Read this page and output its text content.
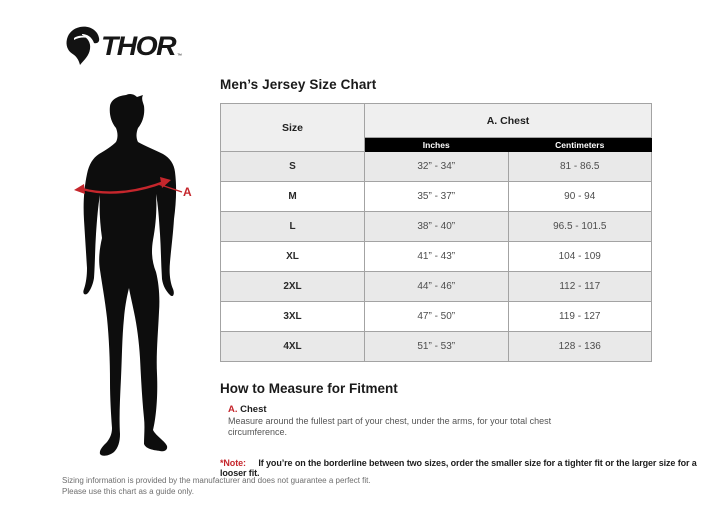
THOR ™
A
Men’s Jersey Size Chart
Size	A. Chest	
	Inches	Centimeters
S	32” - 34”	81 - 86.5
M	35” - 37”	90 - 94
L	38” - 40”	96.5 - 101.5
XL	41” - 43”	104 - 109
2XL	44” - 46”	112 - 117
3XL	47” - 50”	119 - 127
4XL	51” - 53”	128 - 136
How to Measure for Fitment
A. Chest
Measure around the fullest part of your chest, under the arms, for your total chest circumference.
*Note: If you’re on the borderline between two sizes, order the smaller size for a tighter fit or the larger size for a looser fit.
Sizing information is provided by the manufacturer and does not guarantee a perfect fit.
Please use this chart as a guide only.
